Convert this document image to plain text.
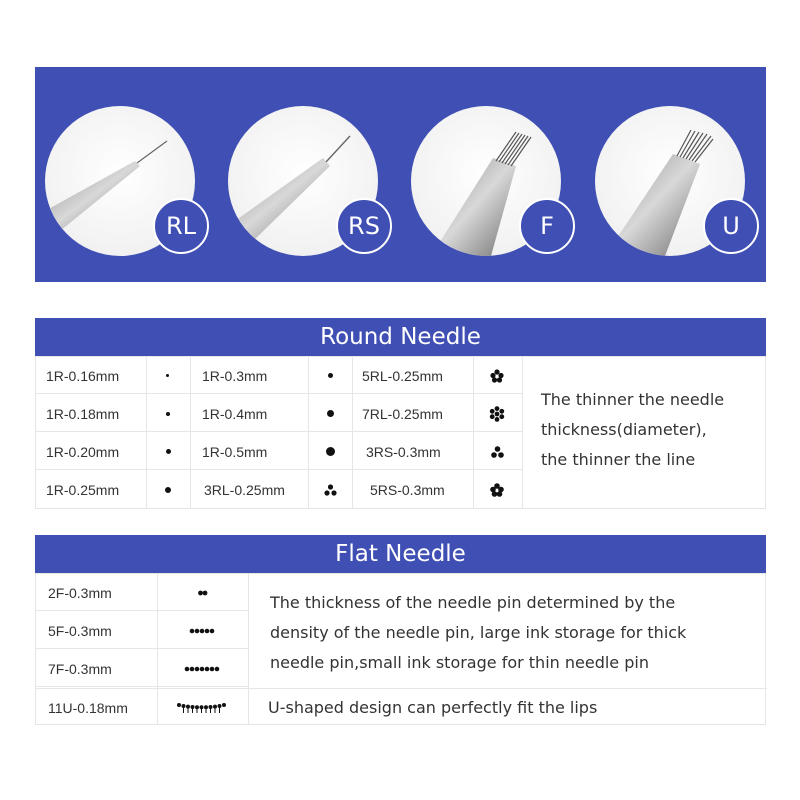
RL	RS	F	U
Round Needle
1R-0.16mm	1R-0.3mm	5RL-0.25mm
1R-0.18mm	1R-0.4mm	7RL-0.25mm
1R-0.20mm	1R-0.5mm	3RS-0.3mm
1R-0.25mm	3RL-0.25mm	5RS-0.3mm
The thinner the needle
thickness(diameter),
the thinner the line
Flat Needle
2F-0.3mm
5F-0.3mm
7F-0.3mm
11U-0.18mm	U-shaped design can perfectly fit the lips
The thickness of the needle pin determined by the
density of the needle pin, large ink storage for thick
needle pin,small ink storage for thin needle pin
